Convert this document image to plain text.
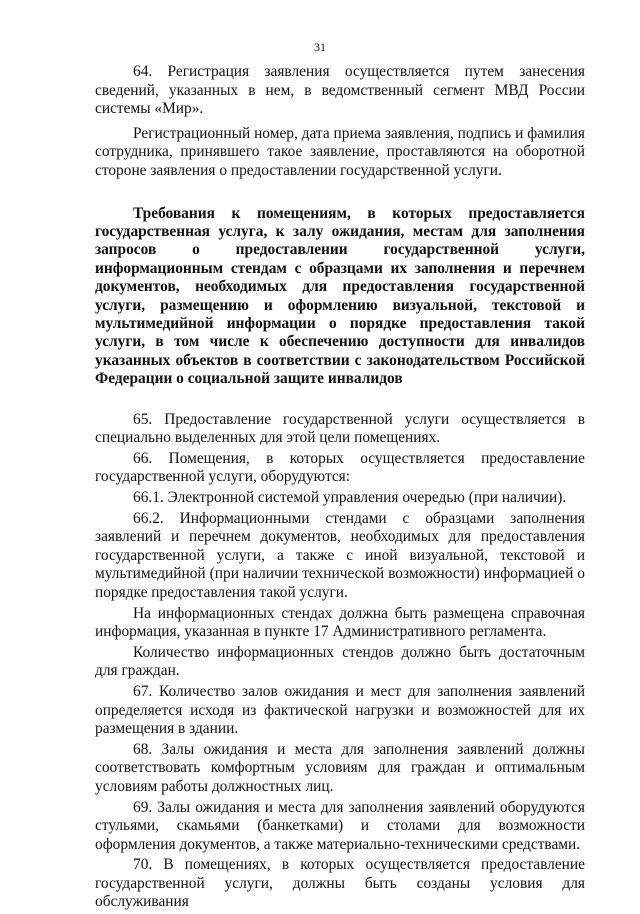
31

64. Регистрация заявления осуществляется путем занесения сведений, указанных в нем, в ведомственный сегмент МВД России системы «Мир».

Регистрационный номер, дата приема заявления, подпись и фамилия сотрудника, принявшего такое заявление, проставляются на оборотной стороне заявления о предоставлении государственной услуги.

Требования к помещениям, в которых предоставляется государственная услуга, к залу ожидания, местам для заполнения запросов о предоставлении государственной услуги, информационным стендам с образцами их заполнения и перечнем документов, необходимых для предоставления государственной услуги, размещению и оформлению визуальной, текстовой и мультимедийной информации о порядке предоставления такой услуги, в том числе к обеспечению доступности для инвалидов указанных объектов в соответствии с законодательством Российской Федерации о социальной защите инвалидов

65. Предоставление государственной услуги осуществляется в специально выделенных для этой цели помещениях.

66. Помещения, в которых осуществляется предоставление государственной услуги, оборудуются:

66.1. Электронной системой управления очередью (при наличии).

66.2. Информационными стендами с образцами заполнения заявлений и перечнем документов, необходимых для предоставления государственной услуги, а также с иной визуальной, текстовой и мультимедийной (при наличии технической возможности) информацией о порядке предоставления такой услуги.

На информационных стендах должна быть размещена справочная информация, указанная в пункте 17 Административного регламента.

Количество информационных стендов должно быть достаточным для граждан.

67. Количество залов ожидания и мест для заполнения заявлений определяется исходя из фактической нагрузки и возможностей для их размещения в здании.

68. Залы ожидания и места для заполнения заявлений должны соответствовать комфортным условиям для граждан и оптимальным условиям работы должностных лиц.

69. Залы ожидания и места для заполнения заявлений оборудуются стульями, скамьями (банкетками) и столами для возможности оформления документов, а также материально-техническими средствами.

70. В помещениях, в которых осуществляется предоставление государственной услуги, должны быть созданы условия для обслуживания
